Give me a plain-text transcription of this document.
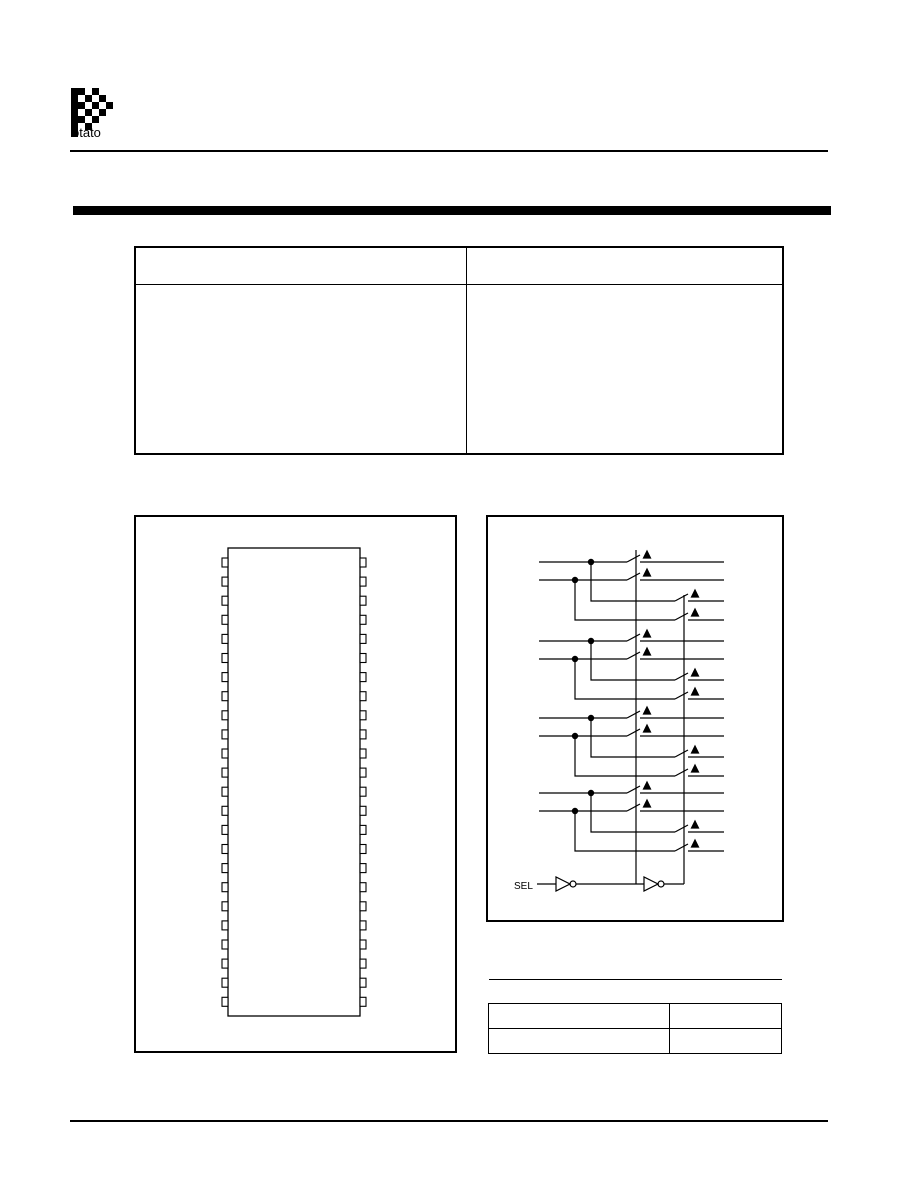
otato
SEL
